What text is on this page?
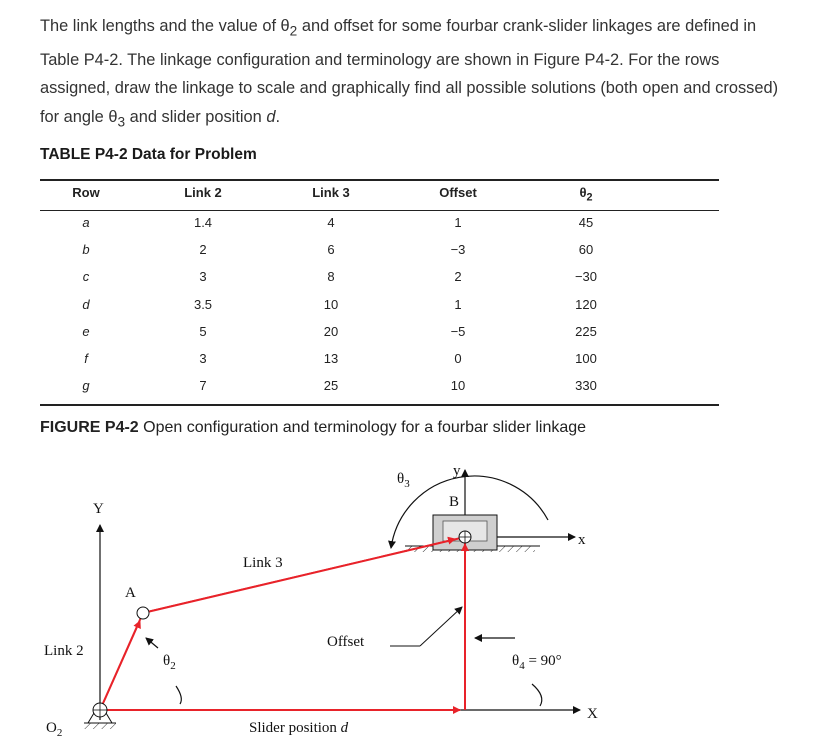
The link lengths and the value of $\theta_2$ and offset for some fourbar crank-slider linkages are defined in Table P4-2. The linkage configuration and terminology are shown in Figure P4-2. For the rows assigned, draw the linkage to scale and graphically find all possible solutions (both open and crossed) for angle $\theta_3$ and slider position d.
TABLE P4-2 Data for Problem
Row	Link 2	Link 3	Offset	$\theta_2$
a	1.4	4	1	45
b	2	6	−3	60
c	3	8	2	−30
d	3.5	10	1	120
e	5	20	−5	225
f	3	13	0	100
g	7	25	10	330
FIGURE P4-2 Open configuration and terminology for a fourbar slider linkage
Y
A
B
y
x
X
Link 3
Link 2
Offset
$\theta_2$
$\theta_3$
$\theta_4 = 90^\circ$
$O_2$	Slider position d
